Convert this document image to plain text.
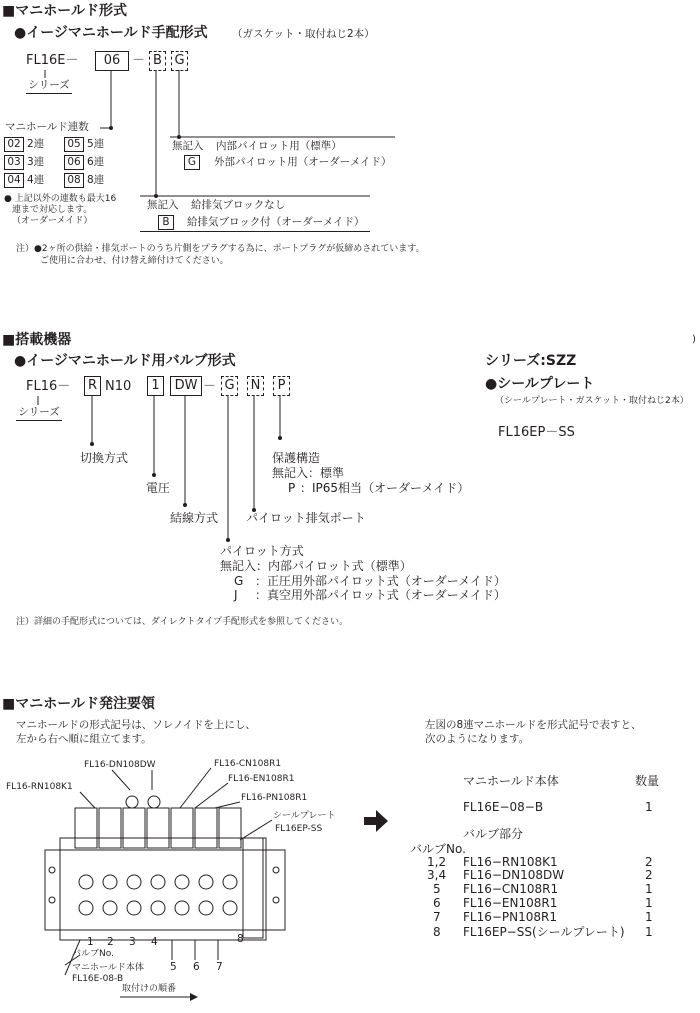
■マニホールド形式
●イージマニホールド手配形式 （ガスケット・取付ねじ2本）
FL16E－	06 － B G
シリーズ
マニホールド連数
02 2連	05 5連
03 3連	06 6連
04 4連	08 8連
● 上記以外の連数も最大16
連まで対応します。
（オーダーメイド）
無記入 内部パイロット用（標準）
G	外部パイロット用（オーダーメイド）
無記入 給排気ブロックなし
B	給排気ブロック付（オーダーメイド）
注）●2ヶ所の供給・排気ポートのうち片側をプラグする為に、ポートプラグが仮締めされています。
ご使用に合わせ、付け替え締付けてください。
■搭載機器
●イージマニホールド用バルブ形式
)
FL16－	R N10	1	DW － G N	P
シリーズ
切換方式
電圧
結線方式 パイロット排気ポート
保護構造
無記入：標準
P ：IP65相当（オーダーメイド）
パイロット方式
無記入：内部パイロット式（標準）
G ：正圧用外部パイロット式（オーダーメイド）
J ：真空用外部パイロット式（オーダーメイド）
注）詳細の手配形式については、ダイレクトタイプ手配形式を参照してください。
シリーズ:SZZ
●シールプレート
（シールプレート・ガスケット・取付ねじ2本）
FL16EP－SS
■マニホールド発注要領
マニホールドの形式記号は、ソレノイドを上にし、
左から右へ順に組立てます。
FL16-DN108DW	FL16-CN108R1
FL16-EN108R1
FL16-RN108K1
FL16-PN108R1
シールプレート
FL16EP-SS
1 2 3 4	8
5 6 7
バルブNo.
マニホールド本体
FL16E-08-B
取付けの順番
左図の8連マニホールドを形式記号で表すと、
次のようになります。
マニホールド本体	数量
FL16E−08−B	1
バルブ部分
バルブNo.
1,2 FL16−RN108K1	2
3,4 FL16−DN108DW	2
5 FL16−CN108R1	1
6 FL16−EN108R1	1
7 FL16−PN108R1	1
8 FL16EP−SS(シールプレート) 1
